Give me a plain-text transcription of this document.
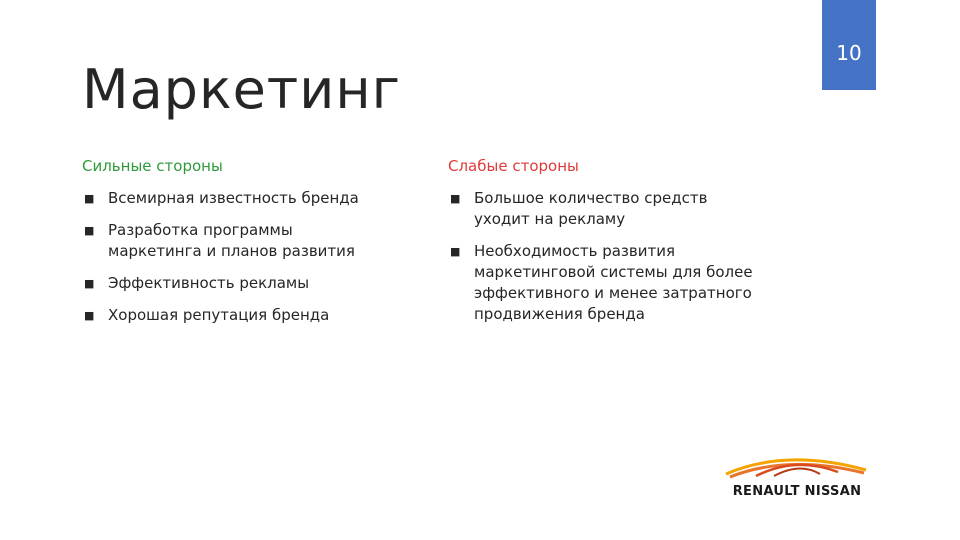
10
Маркетинг
Сильные стороны
■ Всемирная известность бренда
■ Разработка программы маркетинга и планов развития
■ Эффективность рекламы
■ Хорошая репутация бренда
Слабые стороны
■ Большое количество средств уходит на рекламу
■ Необходимость развития маркетинговой системы для более эффективного и менее затратного продвижения бренда
RENAULT NISSAN
